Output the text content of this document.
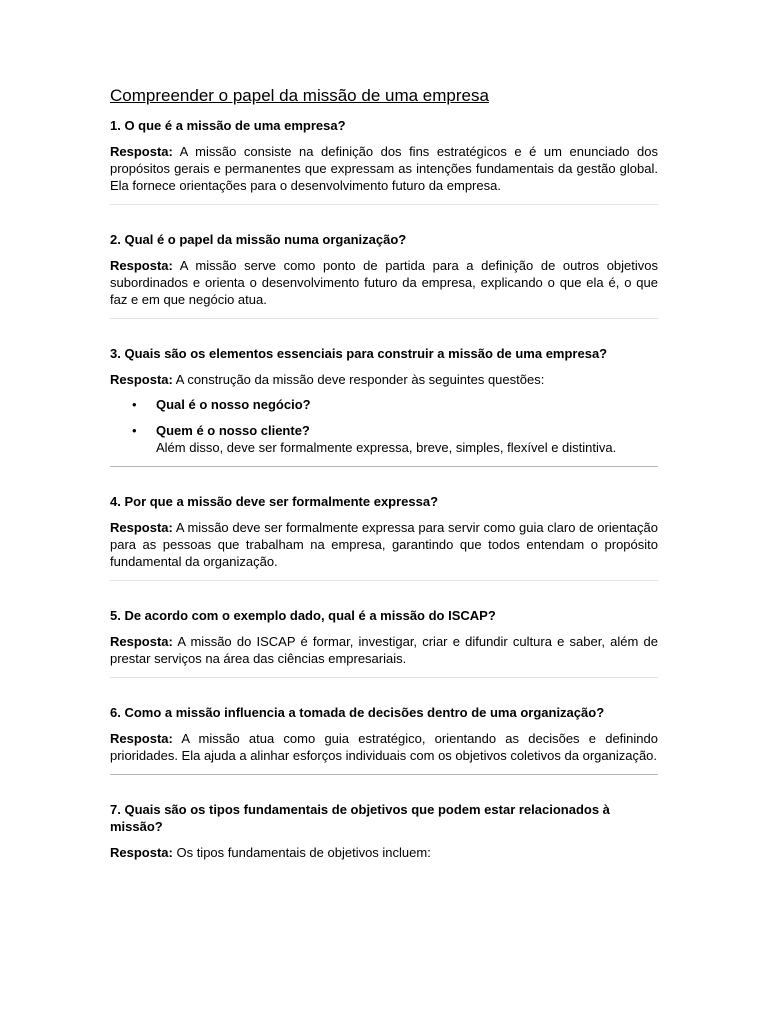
Compreender o papel da missão de uma empresa

1. O que é a missão de uma empresa?

Resposta: A missão consiste na definição dos fins estratégicos e é um enunciado dos propósitos gerais e permanentes que expressam as intenções fundamentais da gestão global. Ela fornece orientações para o desenvolvimento futuro da empresa.

2. Qual é o papel da missão numa organização?

Resposta: A missão serve como ponto de partida para a definição de outros objetivos subordinados e orienta o desenvolvimento futuro da empresa, explicando o que ela é, o que faz e em que negócio atua.

3. Quais são os elementos essenciais para construir a missão de uma empresa?

Resposta: A construção da missão deve responder às seguintes questões:

• Qual é o nosso negócio?
• Quem é o nosso cliente?
Além disso, deve ser formalmente expressa, breve, simples, flexível e distintiva.

4. Por que a missão deve ser formalmente expressa?

Resposta: A missão deve ser formalmente expressa para servir como guia claro de orientação para as pessoas que trabalham na empresa, garantindo que todos entendam o propósito fundamental da organização.

5. De acordo com o exemplo dado, qual é a missão do ISCAP?

Resposta: A missão do ISCAP é formar, investigar, criar e difundir cultura e saber, além de prestar serviços na área das ciências empresariais.

6. Como a missão influencia a tomada de decisões dentro de uma organização?

Resposta: A missão atua como guia estratégico, orientando as decisões e definindo prioridades. Ela ajuda a alinhar esforços individuais com os objetivos coletivos da organização.

7. Quais são os tipos fundamentais de objetivos que podem estar relacionados à missão?

Resposta: Os tipos fundamentais de objetivos incluem:
